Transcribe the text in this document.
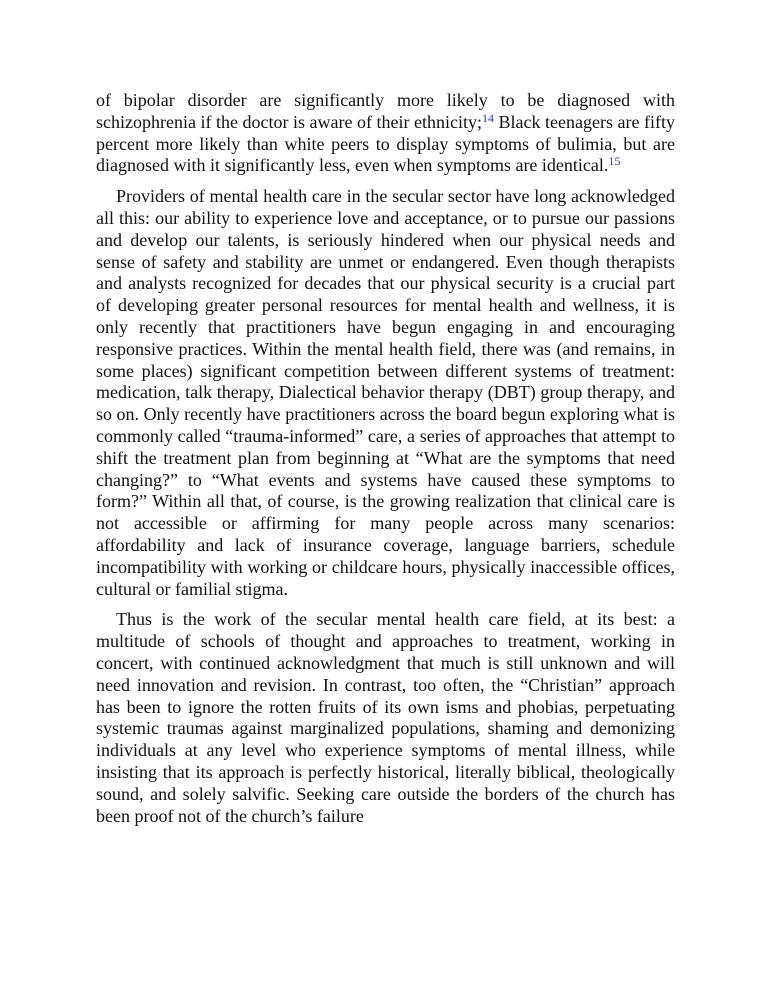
of bipolar disorder are significantly more likely to be diagnosed with schizophrenia if the doctor is aware of their ethnicity;$^{14}$ Black teenagers are fifty percent more likely than white peers to display symptoms of bulimia, but are diagnosed with it significantly less, even when symptoms are identical.$^{15}$

Providers of mental health care in the secular sector have long acknowledged all this: our ability to experience love and acceptance, or to pursue our passions and develop our talents, is seriously hindered when our physical needs and sense of safety and stability are unmet or endangered. Even though therapists and analysts recognized for decades that our physical security is a crucial part of developing greater personal resources for mental health and wellness, it is only recently that practitioners have begun engaging in and encouraging responsive practices. Within the mental health field, there was (and remains, in some places) significant competition between different systems of treatment: medication, talk therapy, Dialectical behavior therapy (DBT) group therapy, and so on. Only recently have practitioners across the board begun exploring what is commonly called “trauma-informed” care, a series of approaches that attempt to shift the treatment plan from beginning at “What are the symptoms that need changing?” to “What events and systems have caused these symptoms to form?” Within all that, of course, is the growing realization that clinical care is not accessible or affirming for many people across many scenarios: affordability and lack of insurance coverage, language barriers, schedule incompatibility with working or childcare hours, physically inaccessible offices, cultural or familial stigma.

Thus is the work of the secular mental health care field, at its best: a multitude of schools of thought and approaches to treatment, working in concert, with continued acknowledgment that much is still unknown and will need innovation and revision. In contrast, too often, the “Christian” approach has been to ignore the rotten fruits of its own isms and phobias, perpetuating systemic traumas against marginalized populations, shaming and demonizing individuals at any level who experience symptoms of mental illness, while insisting that its approach is perfectly historical, literally biblical, theologically sound, and solely salvific. Seeking care outside the borders of the church has been proof not of the church’s failure
